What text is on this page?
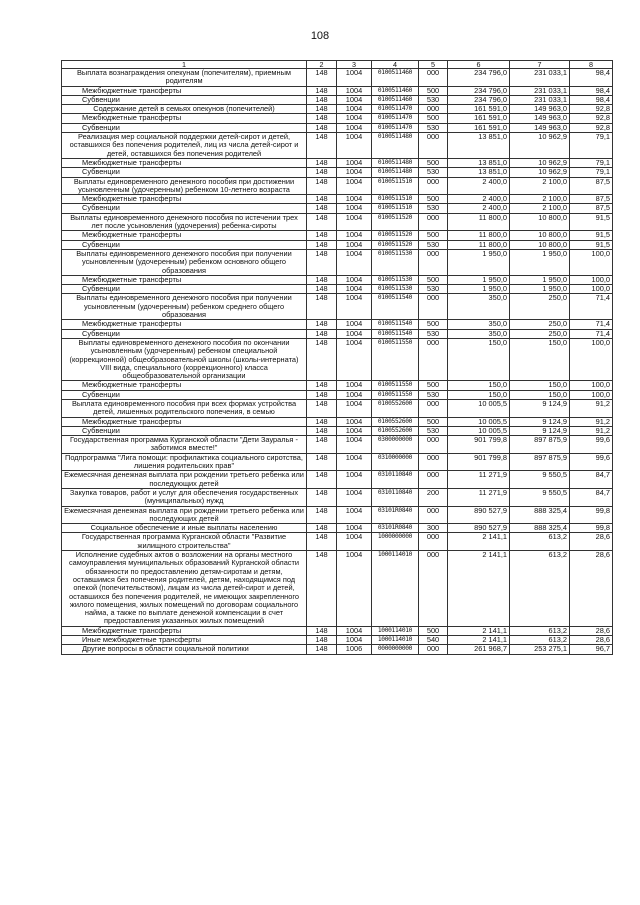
108
1	2	3	4	5	6	7	8
Выплата вознаграждения опекунам (попечителям), приемным родителям	148	1004	0100511460	000	234 796,0	231 033,1	98,4
Межбюджетные трансферты	148	1004	0100511460	500	234 796,0	231 033,1	98,4
Субвенции	148	1004	0100511460	530	234 796,0	231 033,1	98,4
Содержание детей в семьях опекунов (попечителей)	148	1004	0100511470	000	161 591,0	149 963,0	92,8
Межбюджетные трансферты	148	1004	0100511470	500	161 591,0	149 963,0	92,8
Субвенции	148	1004	0100511470	530	161 591,0	149 963,0	92,8
Реализация мер социальной поддержки детей-сирот и детей, оставшихся без попечения родителей, лиц из числа детей-сирот и детей, оставшихся без попечения родителей	148	1004	0100511480	000	13 851,0	10 962,9	79,1
Межбюджетные трансферты	148	1004	0100511480	500	13 851,0	10 962,9	79,1
Субвенции	148	1004	0100511480	530	13 851,0	10 962,9	79,1
Выплаты единовременного денежного пособия при достижении усыновленным (удочеренным) ребенком 10-летнего возраста	148	1004	0100511510	000	2 400,0	2 100,0	87,5
Межбюджетные трансферты	148	1004	0100511510	500	2 400,0	2 100,0	87,5
Субвенции	148	1004	0100511510	530	2 400,0	2 100,0	87,5
Выплаты единовременного денежного пособия по истечении трех лет после усыновления (удочерения) ребенка-сироты	148	1004	0100511520	000	11 800,0	10 800,0	91,5
Межбюджетные трансферты	148	1004	0100511520	500	11 800,0	10 800,0	91,5
Субвенции	148	1004	0100511520	530	11 800,0	10 800,0	91,5
Выплаты единовременного денежного пособия при получении усыновленным (удочеренным) ребенком основного общего образования	148	1004	0100511530	000	1 950,0	1 950,0	100,0
Межбюджетные трансферты	148	1004	0100511530	500	1 950,0	1 950,0	100,0
Субвенции	148	1004	0100511530	530	1 950,0	1 950,0	100,0
Выплаты единовременного денежного пособия при получении усыновленным (удочеренным) ребенком среднего общего образования	148	1004	0100511540	000	350,0	250,0	71,4
Межбюджетные трансферты	148	1004	0100511540	500	350,0	250,0	71,4
Субвенции	148	1004	0100511540	530	350,0	250,0	71,4
Выплаты единовременного денежного пособия по окончании усыновленным (удочеренным) ребенком специальной (коррекционной) общеобразовательной школы (школы-интерната) VIII вида, специального (коррекционного) класса общеобразовательной организации	148	1004	0100511550	000	150,0	150,0	100,0
Межбюджетные трансферты	148	1004	0100511550	500	150,0	150,0	100,0
Субвенции	148	1004	0100511550	530	150,0	150,0	100,0
Выплата единовременного пособия при всех формах устройства детей, лишенных родительского попечения, в семью	148	1004	0100552600	000	10 005,5	9 124,9	91,2
Межбюджетные трансферты	148	1004	0100552600	500	10 005,5	9 124,9	91,2
Субвенции	148	1004	0100552600	530	10 005,5	9 124,9	91,2
Государственная программа Курганской области "Дети Зауралья - заботимся вместе!"	148	1004	0300000000	000	901 799,8	897 875,9	99,6
Подпрограмма "Лига помощи: профилактика социального сиротства, лишения родительских прав"	148	1004	0310000000	000	901 799,8	897 875,9	99,6
Ежемесячная денежная выплата при рождении третьего ребенка или последующих детей	148	1004	0310110840	000	11 271,9	9 550,5	84,7
Закупка товаров, работ и услуг для обеспечения государственных (муниципальных) нужд	148	1004	0310110840	200	11 271,9	9 550,5	84,7
Ежемесячная денежная выплата при рождении третьего ребенка или последующих детей	148	1004	03101R0840	000	890 527,9	888 325,4	99,8
Социальное обеспечение и иные выплаты населению	148	1004	03101R0840	300	890 527,9	888 325,4	99,8
Государственная программа Курганской области "Развитие жилищного строительства"	148	1004	1000000000	000	2 141,1	613,2	28,6
Исполнение судебных актов о возложении на органы местного самоуправления муниципальных образований Курганской области обязанности по предоставлению детям-сиротам и детям, оставшимся без попечения родителей, детям, находящимся под опекой (попечительством), лицам из числа детей-сирот и детей, оставшихся без попечения родителей, не имеющих закрепленного жилого помещения, жилых помещений по договорам социального найма, а также по выплате денежной компенсации в счет предоставления указанных жилых помещений	148	1004	1000114010	000	2 141,1	613,2	28,6
Межбюджетные трансферты	148	1004	1000114010	500	2 141,1	613,2	28,6
Иные межбюджетные трансферты	148	1004	1000114010	540	2 141,1	613,2	28,6
Другие вопросы в области социальной политики	148	1006	0000000000	000	261 968,7	253 275,1	96,7
